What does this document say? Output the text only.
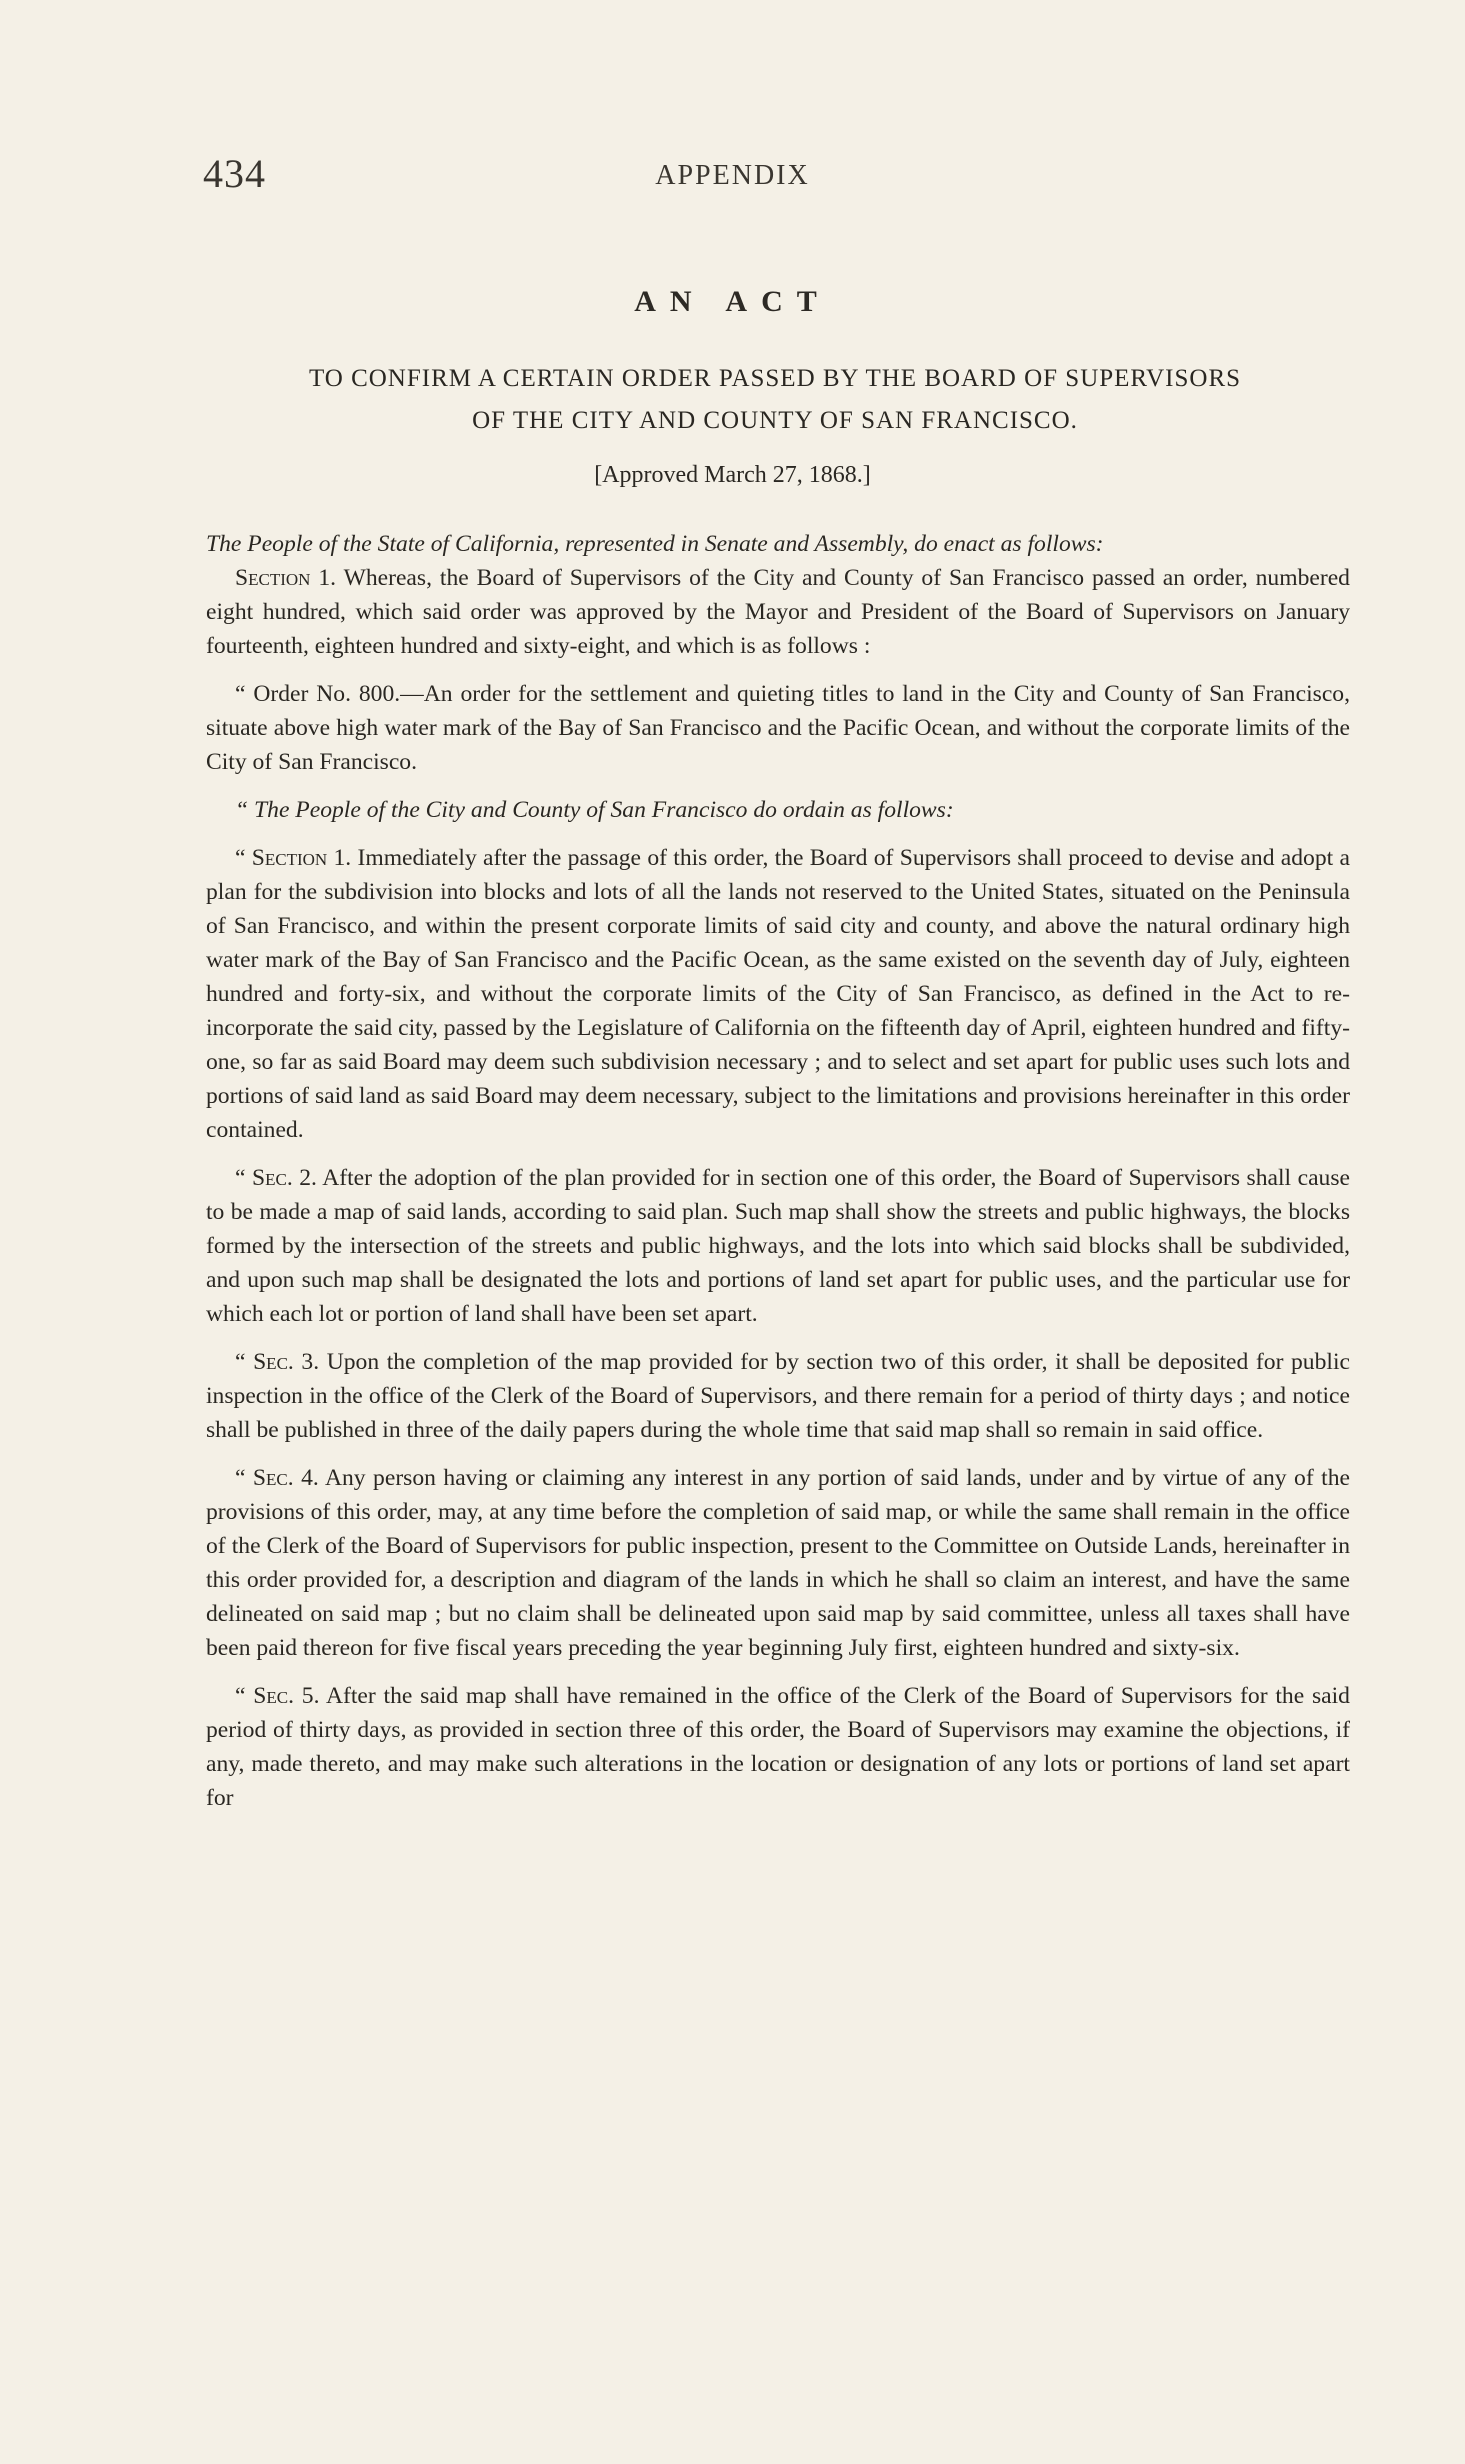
434	APPENDIX
AN ACT
TO CONFIRM A CERTAIN ORDER PASSED BY THE BOARD OF SUPERVISORS
OF THE CITY AND COUNTY OF SAN FRANCISCO.
[Approved March 27, 1868.]

The People of the State of California, represented in Senate and Assembly, do enact as follows:

Section 1. Whereas, the Board of Supervisors of the City and County of San Francisco passed an order, numbered eight hundred, which said order was approved by the Mayor and President of the Board of Supervisors on January fourteenth, eighteen hundred and sixty-eight, and which is as follows :

“ Order No. 800.—An order for the settlement and quieting titles to land in the City and County of San Francisco, situate above high water mark of the Bay of San Francisco and the Pacific Ocean, and without the corporate limits of the City of San Francisco.

“ The People of the City and County of San Francisco do ordain as follows:

“ Section 1. Immediately after the passage of this order, the Board of Supervisors shall proceed to devise and adopt a plan for the subdivision into blocks and lots of all the lands not reserved to the United States, situated on the Peninsula of San Francisco, and within the present corporate limits of said city and county, and above the natural ordinary high water mark of the Bay of San Francisco and the Pacific Ocean, as the same existed on the seventh day of July, eighteen hundred and forty-six, and without the corporate limits of the City of San Francisco, as defined in the Act to re-incorporate the said city, passed by the Legislature of California on the fifteenth day of April, eighteen hundred and fifty-one, so far as said Board may deem such subdivision necessary ; and to select and set apart for public uses such lots and portions of said land as said Board may deem necessary, subject to the limitations and provisions hereinafter in this order contained.

“ Sec. 2. After the adoption of the plan provided for in section one of this order, the Board of Supervisors shall cause to be made a map of said lands, according to said plan. Such map shall show the streets and public highways, the blocks formed by the intersection of the streets and public highways, and the lots into which said blocks shall be subdivided, and upon such map shall be designated the lots and portions of land set apart for public uses, and the particular use for which each lot or portion of land shall have been set apart.

“ Sec. 3. Upon the completion of the map provided for by section two of this order, it shall be deposited for public inspection in the office of the Clerk of the Board of Supervisors, and there remain for a period of thirty days ; and notice shall be published in three of the daily papers during the whole time that said map shall so remain in said office.

“ Sec. 4. Any person having or claiming any interest in any portion of said lands, under and by virtue of any of the provisions of this order, may, at any time before the completion of said map, or while the same shall remain in the office of the Clerk of the Board of Supervisors for public inspection, present to the Committee on Outside Lands, hereinafter in this order provided for, a description and diagram of the lands in which he shall so claim an interest, and have the same delineated on said map ; but no claim shall be delineated upon said map by said committee, unless all taxes shall have been paid thereon for five fiscal years preceding the year beginning July first, eighteen hundred and sixty-six.

“ Sec. 5. After the said map shall have remained in the office of the Clerk of the Board of Supervisors for the said period of thirty days, as provided in section three of this order, the Board of Supervisors may examine the objections, if any, made thereto, and may make such alterations in the location or designation of any lots or portions of land set apart for
